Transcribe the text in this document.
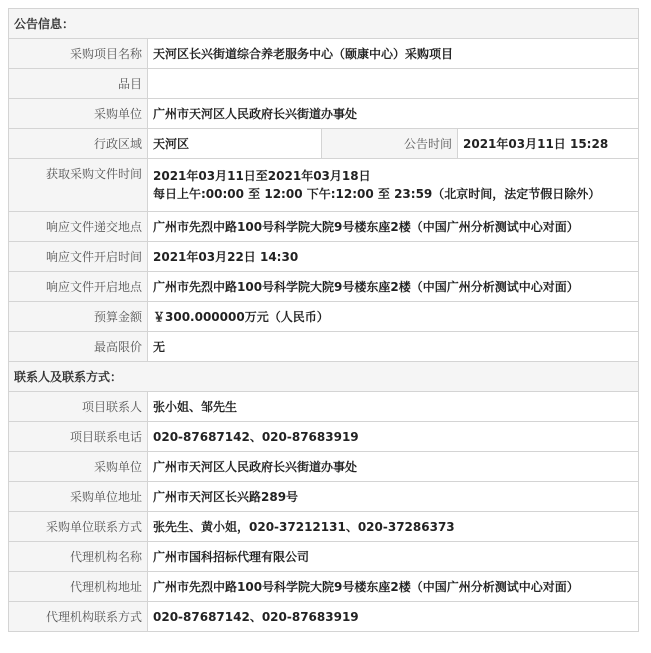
公告信息：			
采购项目名称	天河区长兴街道综合养老服务中心（颐康中心）采购项目		
品目			
采购单位	广州市天河区人民政府长兴街道办事处		
行政区域	天河区	公告时间	2021年03月11日 15:28
获取采购文件时间	2021年03月11日至2021年03月18日
每日上午:00:00 至 12:00 下午:12:00 至 23:59（北京时间，法定节假日除外）		

响应文件递交地点	广州市先烈中路100号科学院大院9号楼东座2楼（中国广州分析测试中心对面）		
响应文件开启时间	2021年03月22日 14:30		
响应文件开启地点	广州市先烈中路100号科学院大院9号楼东座2楼（中国广州分析测试中心对面）		
预算金额	￥300.000000万元（人民币）		
最高限价	无		
联系人及联系方式：			
项目联系人	张小姐、邹先生		
项目联系电话	020-87687142、020-87683919		
采购单位	广州市天河区人民政府长兴街道办事处		
采购单位地址	广州市天河区长兴路289号		
采购单位联系方式	张先生、黄小姐，020-37212131、020-37286373		
代理机构名称	广州市国科招标代理有限公司		
代理机构地址	广州市先烈中路100号科学院大院9号楼东座2楼（中国广州分析测试中心对面）		
代理机构联系方式	020-87687142、020-87683919		
